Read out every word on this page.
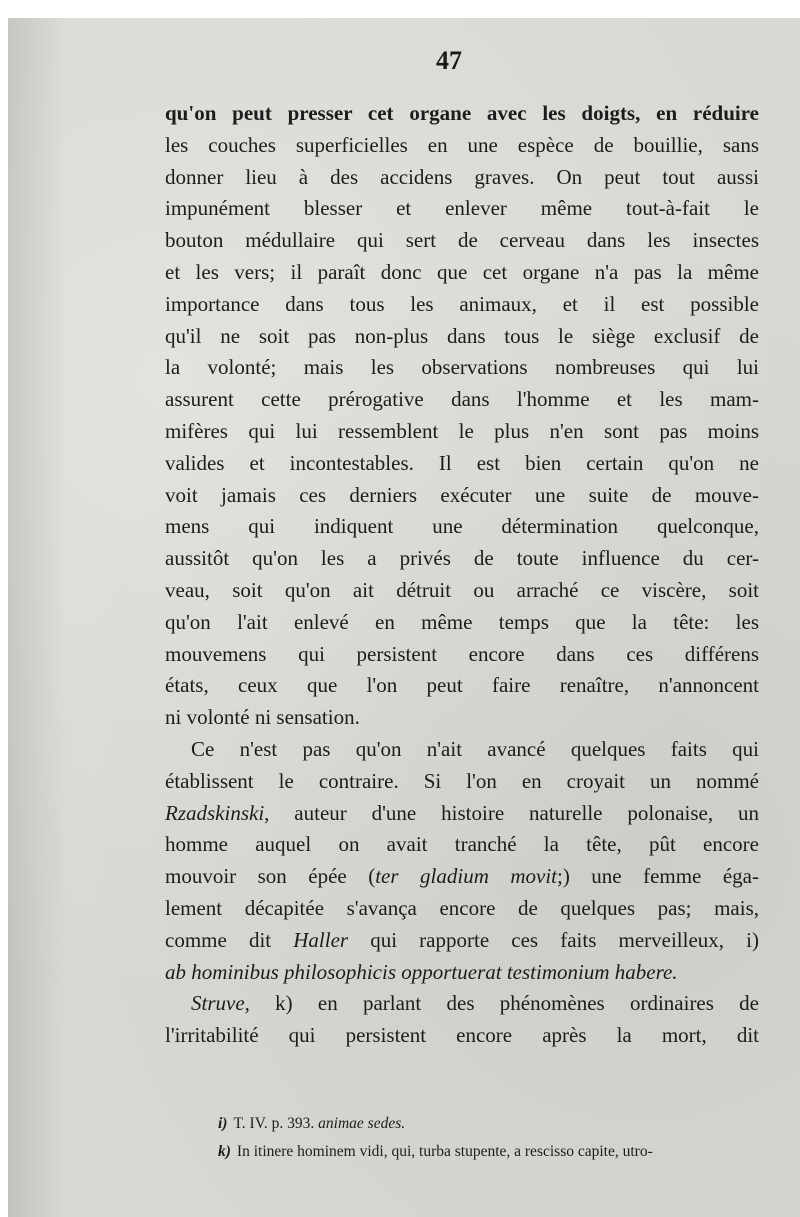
47
qu'on peut presser cet organe avec les doigts, en réduire
les couches superficielles en une espèce de bouillie, sans
donner lieu à des accidens graves. On peut tout aussi
impunément blesser et enlever même tout-à-fait le
bouton médullaire qui sert de cerveau dans les insectes
et les vers; il paraît donc que cet organe n'a pas la même
importance dans tous les animaux, et il est possible
qu'il ne soit pas non-plus dans tous le siège exclusif de
la volonté; mais les observations nombreuses qui lui
assurent cette prérogative dans l'homme et les mam-
mifères qui lui ressemblent le plus n'en sont pas moins
valides et incontestables. Il est bien certain qu'on ne
voit jamais ces derniers exécuter une suite de mouve-
mens qui indiquent une détermination quelconque,
aussitôt qu'on les a privés de toute influence du cer-
veau, soit qu'on ait détruit ou arraché ce viscère, soit
qu'on l'ait enlevé en même temps que la tête: les
mouvemens qui persistent encore dans ces différens
états, ceux que l'on peut faire renaître, n'annoncent
ni volonté ni sensation.
Ce n'est pas qu'on n'ait avancé quelques faits qui
établissent le contraire. Si l'on en croyait un nommé
Rzadskinski, auteur d'une histoire naturelle polonaise, un
homme auquel on avait tranché la tête, pût encore
mouvoir son épée (ter gladium movit;) une femme éga-
lement décapitée s'avança encore de quelques pas; mais,
comme dit Haller qui rapporte ces faits merveilleux, i)
ab hominibus philosophicis opportuerat testimonium habere.
Struve, k) en parlant des phénomènes ordinaires de
l'irritabilité qui persistent encore après la mort, dit
i) T. IV. p. 393. animae sedes.
k) In itinere hominem vidi, qui, turba stupente, a rescisso capite, utro-
